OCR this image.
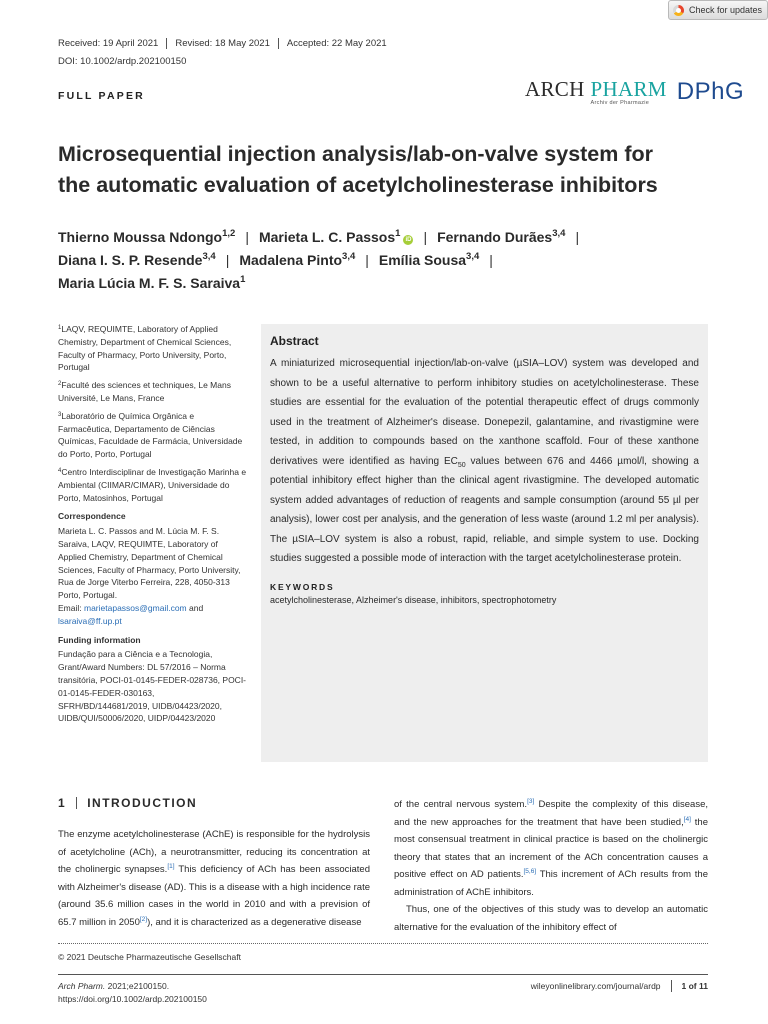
Check for updates
Received: 19 April 2021	Revised: 18 May 2021	Accepted: 22 May 2021
DOI: 10.1002/ardp.202100150
FULL PAPER	ARCH PHARM
Archiv der Pharmazie DPhG
Microsequential injection analysis/lab-on-valve system for
the automatic evaluation of acetylcholinesterase inhibitors
Thierno Moussa Ndongo$^{1,2}$ | Marieta L. C. Passos$^1$iD | Fernando Durães$^{3,4}$ |
Diana I. S. P. Resende$^{3,4}$ | Madalena Pinto$^{3,4}$ | Emília Sousa$^{3,4}$ |
Maria Lúcia M. F. S. Saraiva$^1$

$^1$LAQV, REQUIMTE, Laboratory of Applied Chemistry, Department of Chemical Sciences, Faculty of Pharmacy, Porto University, Porto, Portugal

$^2$Faculté des sciences et techniques, Le Mans Université, Le Mans, France

$^3$Laboratório de Química Orgânica e Farmacêutica, Departamento de Ciências Químicas, Faculdade de Farmácia, Universidade do Porto, Porto, Portugal

$^4$Centro Interdisciplinar de Investigação Marinha e Ambiental (CIIMAR/CIMAR), Universidade do Porto, Matosinhos, Portugal

Correspondence
Marieta L. C. Passos and M. Lúcia M. F. S. Saraiva, LAQV, REQUIMTE, Laboratory of Applied Chemistry, Department of Chemical Sciences, Faculty of Pharmacy, Porto University, Rua de Jorge Viterbo Ferreira, 228, 4050-313 Porto, Portugal.
Email: marietapassos@gmail.com and
lsaraiva@ff.up.pt
Funding information
Fundação para a Ciência e a Tecnologia, Grant/Award Numbers: DL 57/2016 – Norma transitória, POCI-01-0145-FEDER-028736, POCI-01-0145-FEDER-030163, SFRH/BD/144681/2019, UIDB/04423/2020, UIDB/QUI/50006/2020, UIDP/04423/2020
Abstract

A miniaturized microsequential injection/lab-on-valve (µSIA–LOV) system was developed and shown to be a useful alternative to perform inhibitory studies on acetylcholinesterase. These studies are essential for the evaluation of the potential therapeutic effect of drugs commonly used in the treatment of Alzheimer's disease. Donepezil, galantamine, and rivastigmine were tested, in addition to compounds based on the xanthone scaffold. Four of these xanthone derivatives were identified as having $EC_{50}$ values between 676 and 4466 µmol/l, showing a potential inhibitory effect higher than the clinical agent rivastigmine. The developed automatic system added advantages of reduction of reagents and sample consumption (around 55 µl per analysis), lower cost per analysis, and the generation of less waste (around 1.2 ml per analysis). The µSIA–LOV system is also a robust, rapid, reliable, and simple system to use. Docking studies suggested a possible mode of interaction with the target acetylcholinesterase protein.

KEYWORDS

acetylcholinesterase, Alzheimer's disease, inhibitors, spectrophotometry

1 INTRODUCTION

The enzyme acetylcholinesterase (AChE) is responsible for the hydrolysis of acetylcholine (ACh), a neurotransmitter, reducing its concentration at the cholinergic synapses.[1] This deficiency of ACh has been associated with Alzheimer's disease (AD). This is a disease with a high incidence rate (around 35.6 million cases in the world in 2010 and with a prevision of 65.7 million in 2050[2]), and it is characterized as a degenerative disease

of the central nervous system.[3] Despite the complexity of this disease, and the new approaches for the treatment that have been studied,[4] the most consensual treatment in clinical practice is based on the cholinergic theory that states that an increment of the ACh concentration causes a positive effect on AD patients.[5,6] This increment of ACh results from the administration of AChE inhibitors.

Thus, one of the objectives of this study was to develop an automatic alternative for the evaluation of the inhibitory effect of

© 2021 Deutsche Pharmazeutische Gesellschaft
Arch Pharm. 2021;e2100150.
https://doi.org/10.1002/ardp.202100150
wileyonlinelibrary.com/journal/ardp 1 of 11
